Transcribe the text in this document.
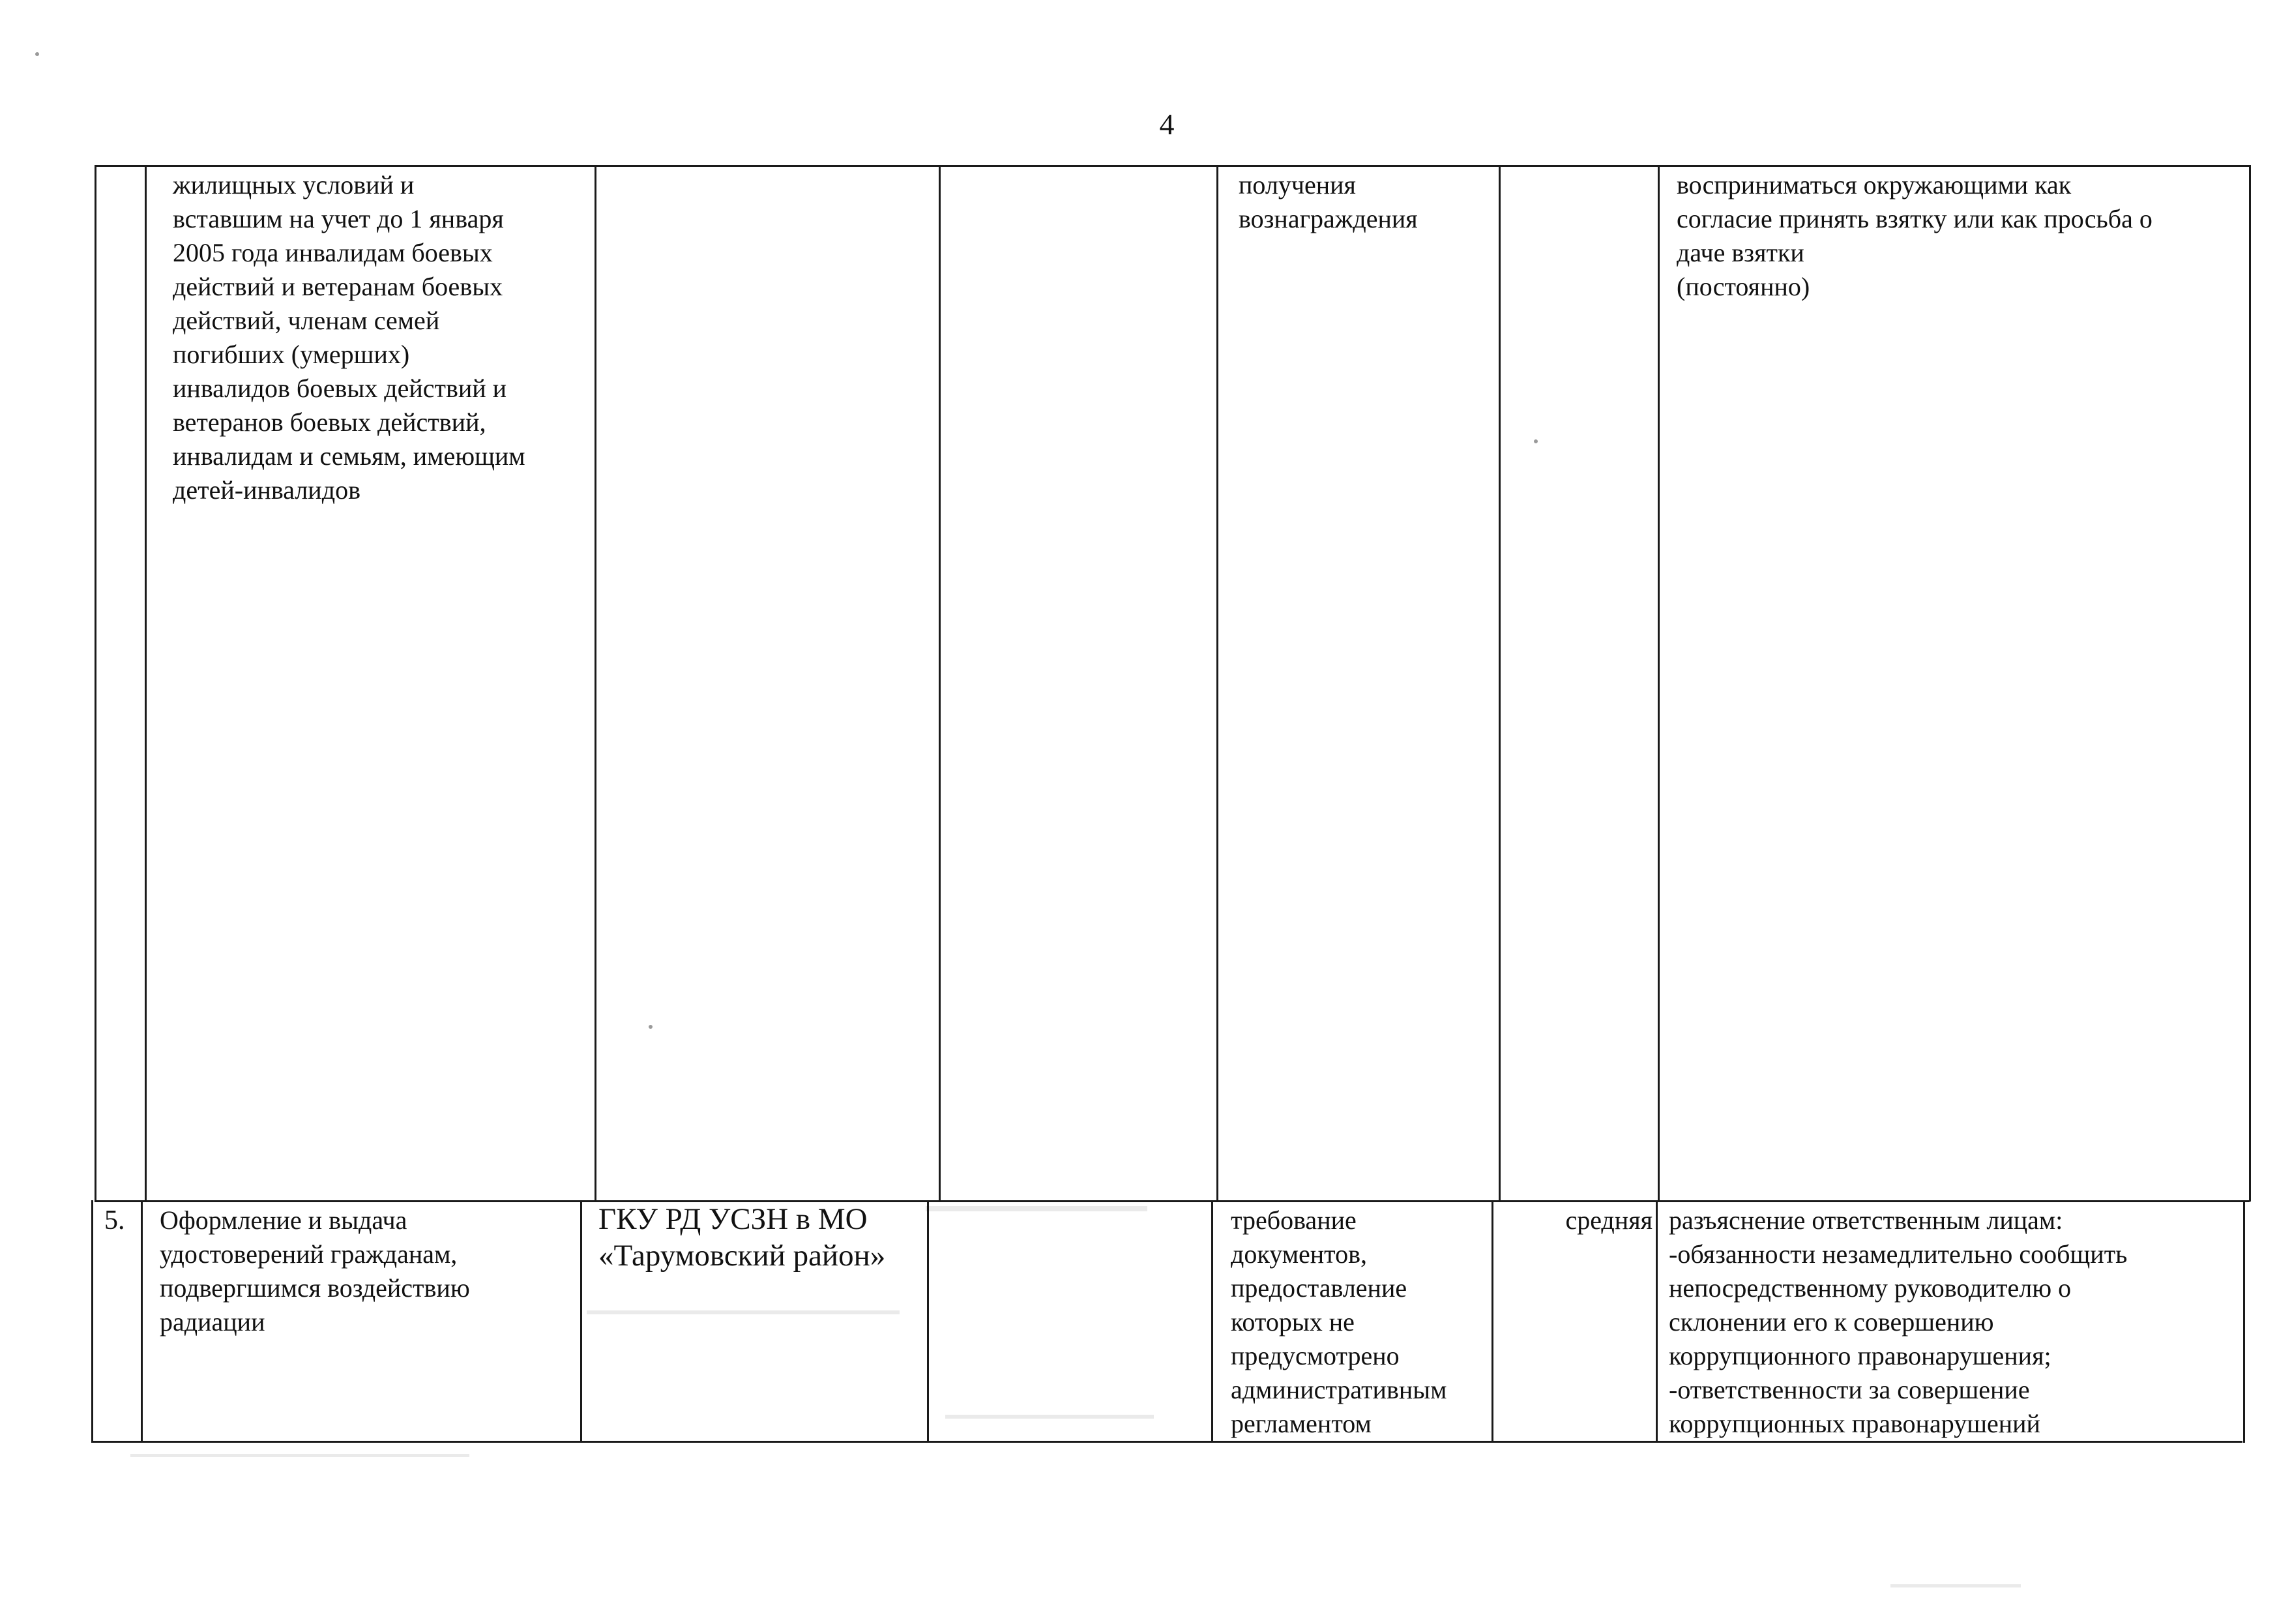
4
жилищных условий и
вставшим на учет до 1 января
2005 года инвалидам боевых
действий и ветеранам боевых
действий, членам семей
погибших (умерших)
инвалидов боевых действий и
ветеранов боевых действий,
инвалидам и семьям, имеющим
детей-инвалидов
получения
вознаграждения
восприниматься окружающими как
согласие принять взятку или как просьба о
даче взятки
(постоянно)
5.	Оформление и выдача
удостоверений гражданам,
подвергшимся воздействию
радиации
ГКУ РД УСЗН в МО
«Тарумовский район»
требование
документов,
предоставление
которых не
предусмотрено
административным
регламентом
средняя разъяснение ответственным лицам:
-обязанности незамедлительно сообщить
непосредственному руководителю о
склонении его к совершению
коррупционного правонарушения;
-ответственности за совершение
коррупционных правонарушений
